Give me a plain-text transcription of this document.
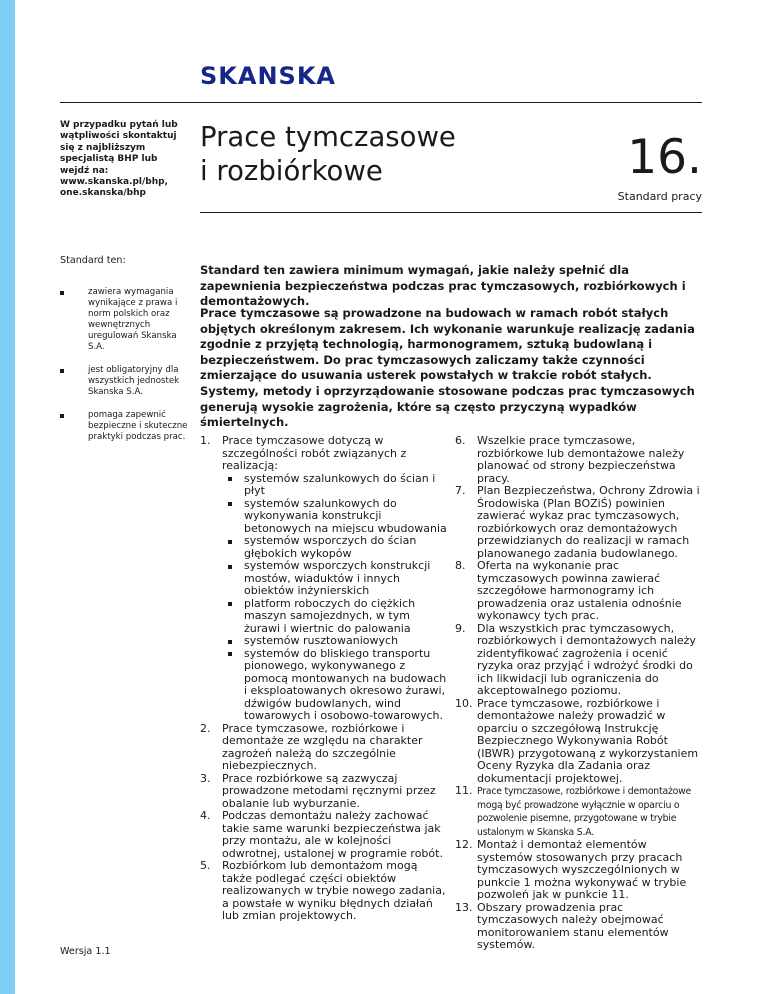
SKANSKA

W przypadku pytań lub wątpliwości skontaktuj się z najbliższym specjalistą BHP lub wejdź na: www.skanska.pl/bhp, one.skanska/bhp

Prace tymczasowe
i rozbiórkowe	16.
Standard pracy
Standard ten:
zawiera wymagania wynikające z prawa i norm polskich oraz wewnętrznych uregulowań Skanska S.A.
jest obligatoryjny dla wszystkich jednostek Skanska S.A.
pomaga zapewnić bezpieczne i skuteczne praktyki podczas prac.

Standard ten zawiera minimum wymagań, jakie należy spełnić dla zapewnienia bezpieczeństwa podczas prac tymczasowych, rozbiórkowych i demontażowych.

Prace tymczasowe są prowadzone na budowach w ramach robót stałych objętych określonym zakresem. Ich wykonanie warunkuje realizację zadania zgodnie z przyjętą technologią, harmonogramem, sztuką budowlaną i bezpieczeństwem. Do prac tymczasowych zaliczamy także czynności zmierzające do usuwania usterek powstałych w trakcie robót stałych. Systemy, metody i oprzyrządowanie stosowane podczas prac tymczasowych generują wysokie zagrożenia, które są często przyczyną wypadków śmiertelnych.

1. Prace tymczasowe dotyczą w szczególności robót związanych z realizacją:
systemów szalunkowych do ścian i płyt
systemów szalunkowych do wykonywania konstrukcji betonowych na miejscu wbudowania
systemów wsporczych do ścian głębokich wykopów
systemów wsporczych konstrukcji mostów, wiaduktów i innych obiektów inżynierskich
platform roboczych do ciężkich maszyn samojezdnych, w tym żurawi i wiertnic do palowania
systemów rusztowaniowych
systemów do bliskiego transportu pionowego, wykonywanego z pomocą montowanych na budowach i eksploatowanych okresowo żurawi, dźwigów budowlanych, wind towarowych i osobowo-towarowych.
2. Prace tymczasowe, rozbiórkowe i demontaże ze względu na charakter zagrożeń należą do szczególnie niebezpiecznych.
3. Prace rozbiórkowe są zazwyczaj prowadzone metodami ręcznymi przez obalanie lub wyburzanie.
4. Podczas demontażu należy zachować takie same warunki bezpieczeństwa jak przy montażu, ale w kolejności odwrotnej, ustalonej w programie robót.
5. Rozbiórkom lub demontażom mogą także podlegać części obiektów realizowanych w trybie nowego zadania, a powstałe w wyniku błędnych działań lub zmian projektowych.
6. Wszelkie prace tymczasowe, rozbiórkowe lub demontażowe należy planować od strony bezpieczeństwa pracy.
7. Plan Bezpieczeństwa, Ochrony Zdrowia i Środowiska (Plan BOZiŚ) powinien zawierać wykaz prac tymczasowych, rozbiórkowych oraz demontażowych przewidzianych do realizacji w ramach planowanego zadania budowlanego.
8. Oferta na wykonanie prac tymczasowych powinna zawierać szczegółowe harmonogramy ich prowadzenia oraz ustalenia odnośnie wykonawcy tych prac.
9. Dla wszystkich prac tymczasowych, rozbiórkowych i demontażowych należy zidentyfikować zagrożenia i ocenić ryzyka oraz przyjąć i wdrożyć środki do ich likwidacji lub ograniczenia do akceptowalnego poziomu.
10. Prace tymczasowe, rozbiórkowe i demontażowe należy prowadzić w oparciu o szczegółową Instrukcję Bezpiecznego Wykonywania Robót (IBWR) przygotowaną z wykorzystaniem Oceny Ryzyka dla Zadania oraz dokumentacji projektowej.
11. Prace tymczasowe, rozbiórkowe i demontażowe mogą być prowadzone wyłącznie w oparciu o pozwolenie pisemne, przygotowane w trybie ustalonym w Skanska S.A.
12. Montaż i demontaż elementów systemów stosowanych przy pracach tymczasowych wyszczególnionych w punkcie 1 można wykonywać w trybie pozwoleń jak w punkcie 11.
13. Obszary prowadzenia prac tymczasowych należy obejmować monitorowaniem stanu elementów systemów.
Wersja 1.1
